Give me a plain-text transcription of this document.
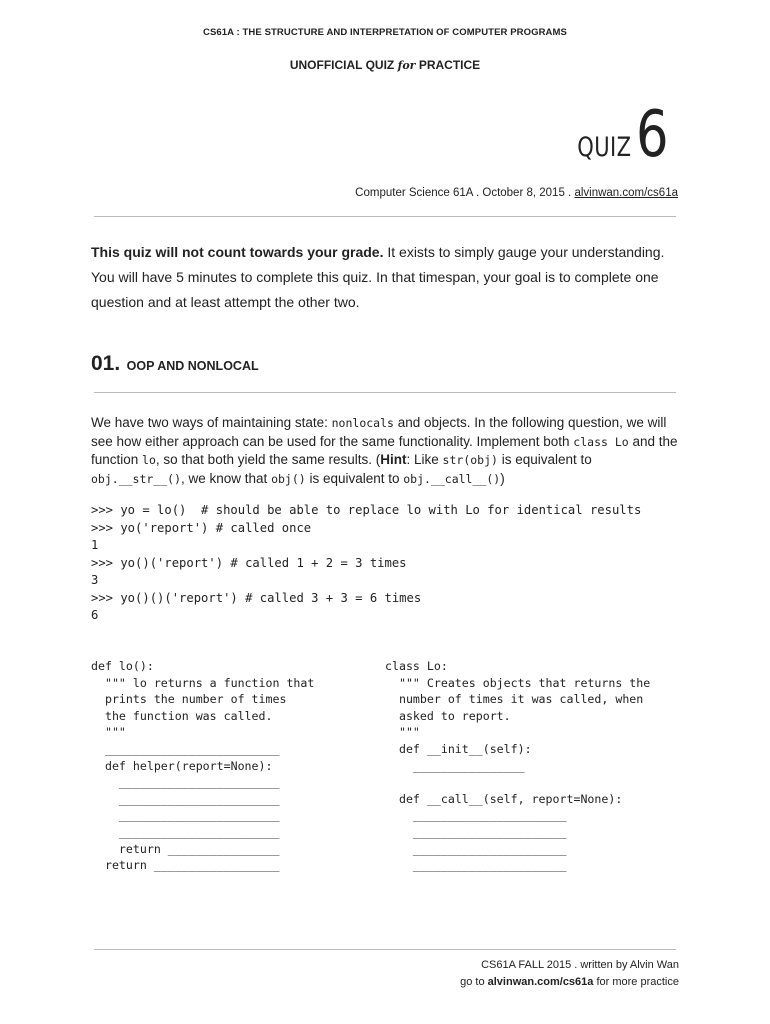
CS61A : THE STRUCTURE AND INTERPRETATION OF COMPUTER PROGRAMS
UNOFFICIAL QUIZ for PRACTICE
QUIZ 6
Computer Science 61A . October 8, 2015 . alvinwan.com/cs61a
This quiz will not count towards your grade. It exists to simply gauge your understanding. You will have 5 minutes to complete this quiz. In that timespan, your goal is to complete one question and at least attempt the other two.
01. OOP AND NONLOCAL
We have two ways of maintaining state: nonlocals and objects. In the following question, we will see how either approach can be used for the same functionality. Implement both class Lo and the function lo, so that both yield the same results. (Hint: Like str(obj) is equivalent to obj.__str__(), we know that obj() is equivalent to obj.__call__())
>>> yo = lo()  # should be able to replace lo with Lo for identical results
>>> yo('report') # called once
1
>>> yo()('report') # called 1 + 2 = 3 times
3
>>> yo()()('report') # called 3 + 3 = 6 times
6
def lo():
""" lo returns a function that
prints the number of times
the function was called.
"""
_________________________
def helper(report=None):
_______________________
_______________________
_______________________
_______________________
return ________________
return __________________
class Lo:
""" Creates objects that returns the
number of times it was called, when
asked to report.
"""
def __init__(self):
________________

def __call__(self, report=None):
______________________
______________________
______________________
______________________
CS61A FALL 2015 . written by Alvin Wan
go to alvinwan.com/cs61a for more practice
